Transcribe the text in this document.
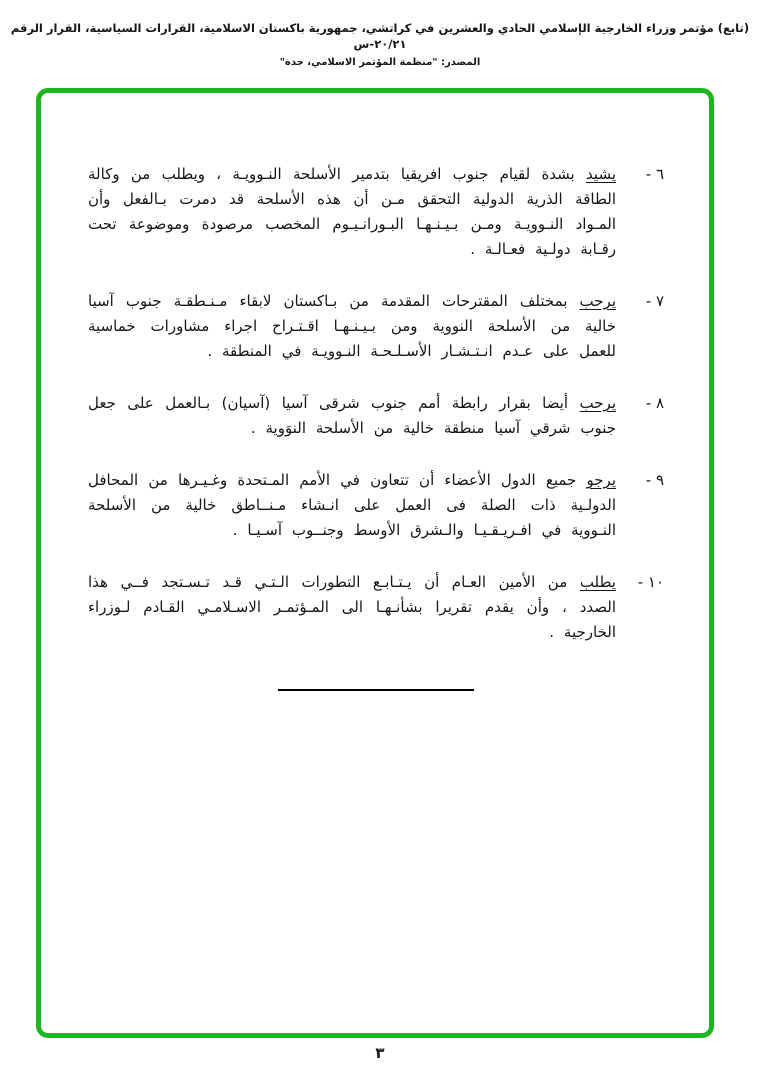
(تابع) مؤتمر وزراء الخارجية الإسلامي الحادي والعشرين في كراتشي، جمهورية باكستان الاسلامية، القرارات السياسية، القرار الرقم ٢٠/٢١-س
المصدر: "منظمة المؤتمر الاسلامي، جدة"
٦ -

يشيد بشدة لقيام جنوب افريقيا بتدمير الأسلحة النـوويـة ، ويطلب من وكالة الطاقة الذرية الدولية التحقق مـن أن هذه الأسلحة قد دمرت بـالفعل وأن المـواد النـوويـة ومـن بـيـنـهـا البـورانـيـوم المخصب مرصودة وموضوعة تحت رقـابة دولـية فعـالـة .

٧ -

يرحب بمختلف المقترحات المقدمة من بـاكستان لابقاء مـنـطقـة جنوب آسيا خالية من الأسلحة النووية ومن بـيـنـهـا اقـتـراح اجراء مشاورات خماسية للعمل على عـدم انـتـشـار الأسـلـحـة النـوويـة في المنطقة .

٨ -

يرحب أيضا بقرار رابطة أمم جنوب شرقى آسيا (آسيان) بـالعمل على جعل جنوب شرقي آسيا منطقة خالية من الأسلحة النوَوية .

٩ -

يرجو جميع الدول الأعضاء أن تتعاون في الأمم المـتحدة وغـيـرها من المحافل الدولـية ذات الصلة فى العمل على انـشاء مـنــاطق خالية من الأسلحة النـووية في افـريـقـيـا والـشرق الأوسط وجنــوب آسـيـا .

١٠ -

يطلب من الأمين العـام أن يـتـابـع التطورات الـتـي قـد تـسـتجد فــي هذا الصدد ، وأن يقدم تقريرا بشأنـهـا الى المـؤتمـر الاسـلامـي القـادم لـوزراء الخارجية .

٣
